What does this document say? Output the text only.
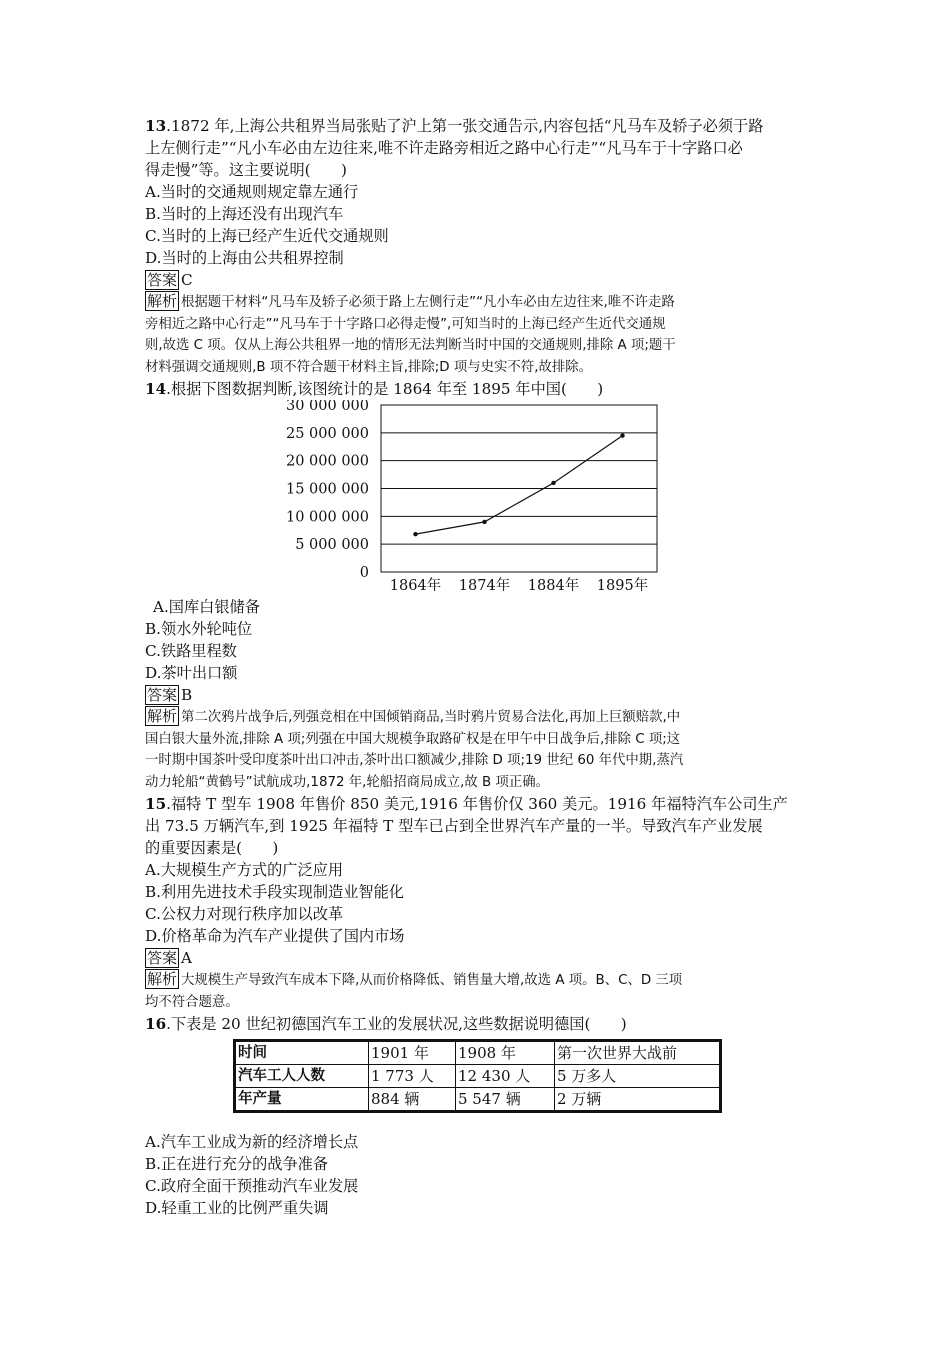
13.1872 年,上海公共租界当局张贴了沪上第一张交通告示,内容包括“凡马车及轿子必须于路
上左侧行走”“凡小车必由左边往来,唯不许走路旁相近之路中心行走”“凡马车于十字路口必
得走慢”等。这主要说明(　　)
A.当时的交通规则规定靠左通行
B.当时的上海还没有出现汽车
C.当时的上海已经产生近代交通规则
D.当时的上海由公共租界控制
答案 C
解析 根据题干材料“凡马车及轿子必须于路上左侧行走”“凡小车必由左边往来,唯不许走路
旁相近之路中心行走”“凡马车于十字路口必得走慢”,可知当时的上海已经产生近代交通规
则,故选 C 项。仅从上海公共租界一地的情形无法判断当时中国的交通规则,排除 A 项;题干
材料强调交通规则,B 项不符合题干材料主旨,排除;D 项与史实不符,故排除。
14.根据下图数据判断,该图统计的是 1864 年至 1895 年中国(　　)
0
5 000 000
10 000 000
15 000 000
20 000 000
25 000 000
30 000 000
1864年 1874年 1884年 1895年
A.国库白银储备
B.领水外轮吨位
C.铁路里程数
D.茶叶出口额
答案 B
解析 第二次鸦片战争后,列强竞相在中国倾销商品,当时鸦片贸易合法化,再加上巨额赔款,中
国白银大量外流,排除 A 项;列强在中国大规模争取路矿权是在甲午中日战争后,排除 C 项;这
一时期中国茶叶受印度茶叶出口冲击,茶叶出口额减少,排除 D 项;19 世纪 60 年代中期,蒸汽
动力轮船“黄鹤号”试航成功,1872 年,轮船招商局成立,故 B 项正确。
15.福特 T 型车 1908 年售价 850 美元,1916 年售价仅 360 美元。1916 年福特汽车公司生产
出 73.5 万辆汽车,到 1925 年福特 T 型车已占到全世界汽车产量的一半。导致汽车产业发展
的重要因素是(　　)
A.大规模生产方式的广泛应用
B.利用先进技术手段实现制造业智能化
C.公权力对现行秩序加以改革
D.价格革命为汽车产业提供了国内市场
答案 A
解析 大规模生产导致汽车成本下降,从而价格降低、销售量大增,故选 A 项。B、C、D 三项
均不符合题意。
16.下表是 20 世纪初德国汽车工业的发展状况,这些数据说明德国(　　)
时间	1901 年	1908 年	第一次世界大战前
汽车工人人数	1 773 人	12 430 人	5 万多人
年产量	884 辆	5 547 辆	2 万辆
A.汽车工业成为新的经济增长点
B.正在进行充分的战争准备
C.政府全面干预推动汽车业发展
D.轻重工业的比例严重失调
